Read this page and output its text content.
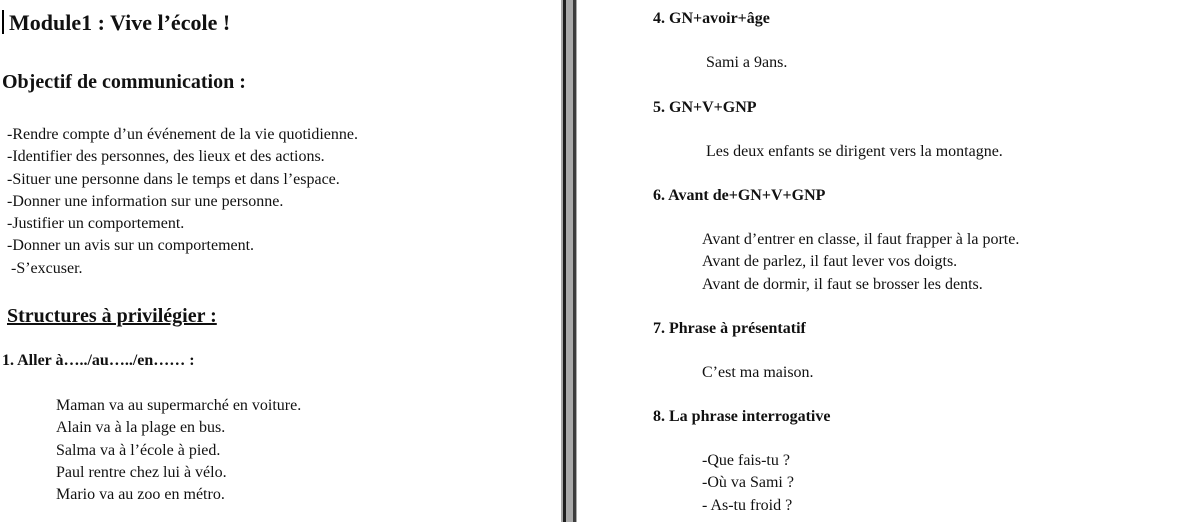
Module1 : Vive l’école !
Objectif de communication :
-Rendre compte d’un événement de la vie quotidienne.
-Identifier des personnes, des lieux et des actions.
-Situer une personne dans le temps et dans l’espace.
-Donner une information sur une personne.
-Justifier un comportement.
-Donner un avis sur un comportement.
-S’excuser.
Structures à privilégier :
1. Aller à…../au…../en…… :
Maman va au supermarché en voiture.
Alain va à la plage en bus.
Salma va à l’école à pied.
Paul rentre chez lui à vélo.
Mario va au zoo en métro.
4. GN+avoir+âge
Sami a 9ans.
5. GN+V+GNP
Les deux enfants se dirigent vers la montagne.
6. Avant de+GN+V+GNP
Avant d’entrer en classe, il faut frapper à la porte.
Avant de parlez, il faut lever vos doigts.
Avant de dormir, il faut se brosser les dents.
7. Phrase à présentatif
C’est ma maison.
8. La phrase interrogative
-Que fais-tu ?
-Où va Sami ?
- As-tu froid ?
